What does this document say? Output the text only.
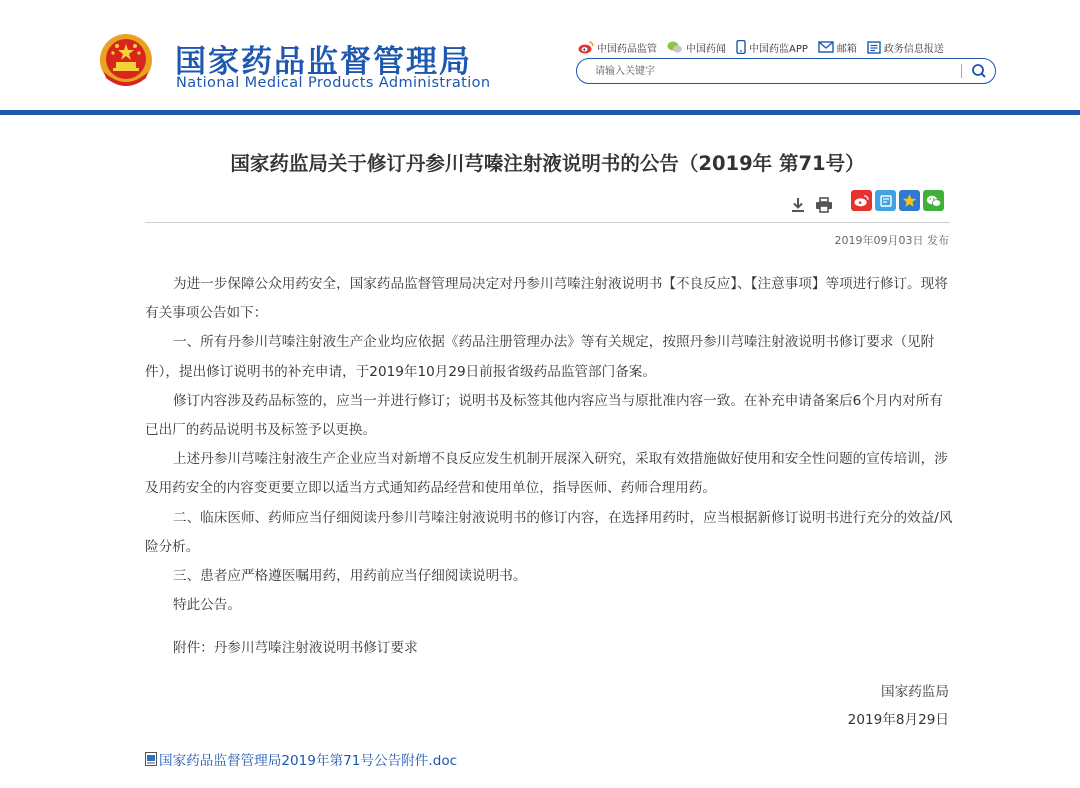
国家药品监督管理局
National Medical Products Administration
中国药品监管	中国药闻 中国药监APP	邮箱	政务信息报送
请输入关键字
国家药监局关于修订丹参川芎嗪注射液说明书的公告（2019年 第71号）
2019年09月03日 发布
为进一步保障公众用药安全，国家药品监督管理局决定对丹参川芎嗪注射液说明书【不良反应】、【注意事项】等项进行修订。现将有关事项公告如下：
一、所有丹参川芎嗪注射液生产企业均应依据《药品注册管理办法》等有关规定，按照丹参川芎嗪注射液说明书修订要求（见附件），提出修订说明书的补充申请，于2019年10月29日前报省级药品监管部门备案。
修订内容涉及药品标签的，应当一并进行修订；说明书及标签其他内容应当与原批准内容一致。在补充申请备案后6个月内对所有已出厂的药品说明书及标签予以更换。
上述丹参川芎嗪注射液生产企业应当对新增不良反应发生机制开展深入研究，采取有效措施做好使用和安全性问题的宣传培训，涉及用药安全的内容变更要立即以适当方式通知药品经营和使用单位，指导医师、药师合理用药。
二、临床医师、药师应当仔细阅读丹参川芎嗪注射液说明书的修订内容，在选择用药时，应当根据新修订说明书进行充分的效益/风险分析。
三、患者应严格遵医嘱用药，用药前应当仔细阅读说明书。
特此公告。
附件：丹参川芎嗪注射液说明书修订要求
国家药监局
2019年8月29日
国家药品监督管理局2019年第71号公告附件.doc
